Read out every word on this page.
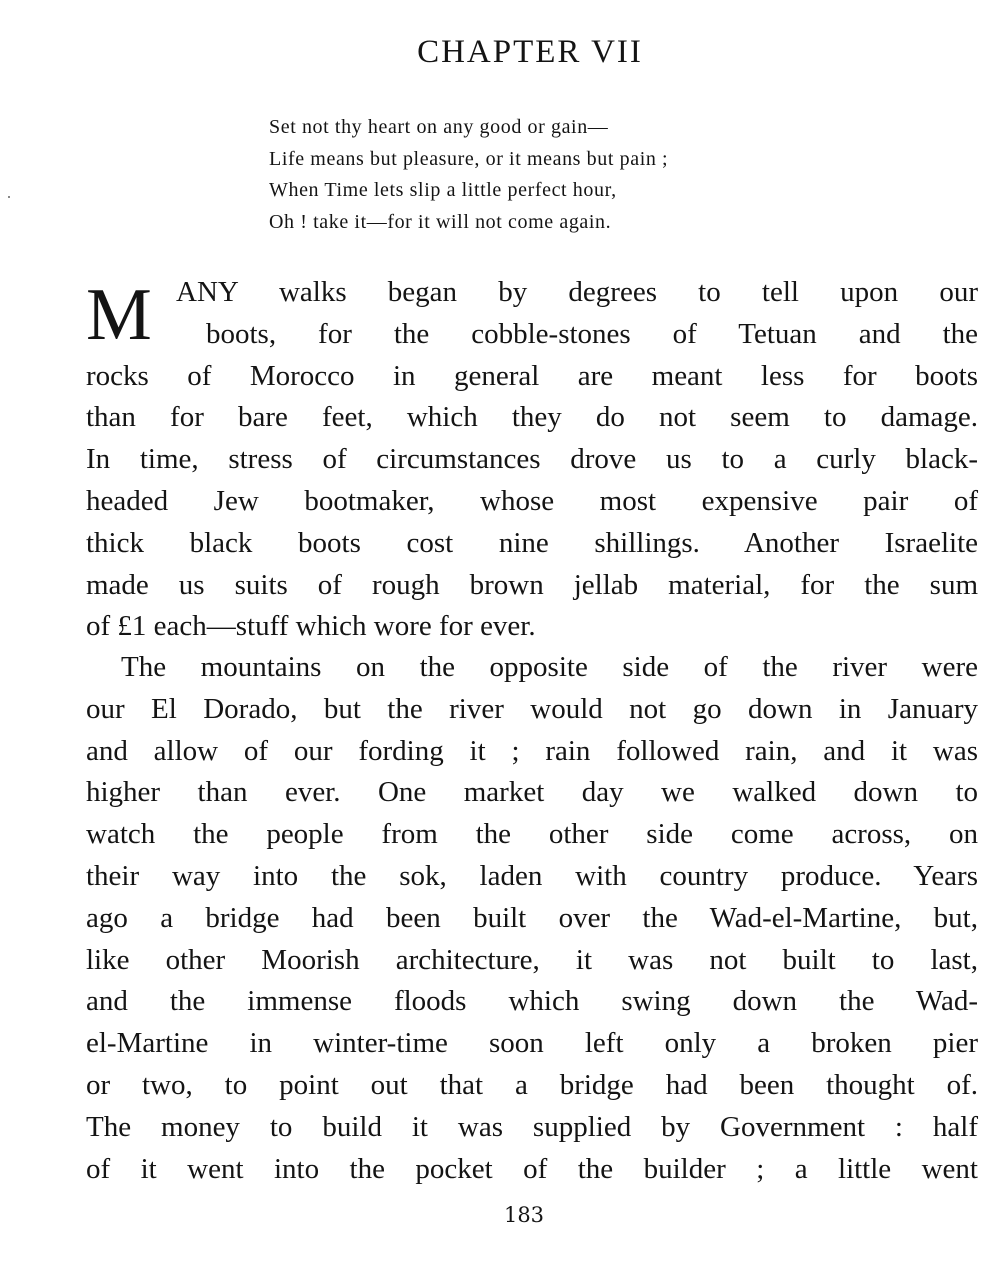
CHAPTER VII
Set not thy heart on any good or gain—
Life means but pleasure, or it means but pain ;
When Time lets slip a little perfect hour,
Oh ! take it—for it will not come again.
M ANY walks began by degrees to tell upon our
boots, for the cobble-stones of Tetuan and the
rocks of Morocco in general are meant less for boots
than for bare feet, which they do not seem to damage.
In time, stress of circumstances drove us to a curly black-
headed Jew bootmaker, whose most expensive pair of
thick black boots cost nine shillings. Another Israelite
made us suits of rough brown jellab material, for the sum
of £1 each—stuff which wore for ever.
The mountains on the opposite side of the river were
our El Dorado, but the river would not go down in January
and allow of our fording it ; rain followed rain, and it was
higher than ever. One market day we walked down to
watch the people from the other side come across, on
their way into the sok, laden with country produce. Years
ago a bridge had been built over the Wad-el-Martine, but,
like other Moorish architecture, it was not built to last,
and the immense floods which swing down the Wad-
el-Martine in winter-time soon left only a broken pier
or two, to point out that a bridge had been thought of.
The money to build it was supplied by Government : half
of it went into the pocket of the builder ; a little went
183
